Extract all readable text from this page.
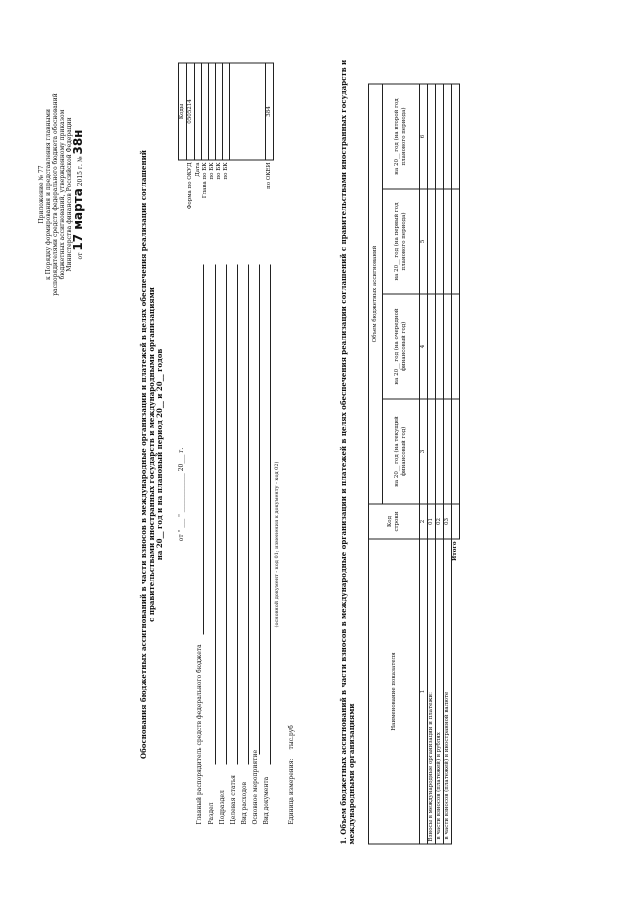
Приложение № 77 к Порядку формирования и представления главными распорядителями средств федерального бюджета обоснований бюджетных ассигнований, утвержденному приказом Министерства финансов Российской Федерации от 17 марта 2015 г. № 38н
Обоснования бюджетных ассигнований в части взносов в международные организации и платежей в целях обеспечения реализации соглашений с правительствами иностранных государств и международными организациями на 20__ год и на плановый период 20__ и 20__ годов от " ___ " _____________ 20___ г.
Главный распорядитель средств федерального бюджета Раздел Подраздел Целевая статья Вид расходов Основное мероприятие Вид документа
(основной документ - код 01; изменения к документу - код 02)
Единица измерения:
тыс.руб
	Коды
Форма по ОКУД	0505214
Дата	
Глава по БК	
по БК	
по БК	
по БК	

по ОКЕИ	384	1. Объем бюджетных ассигнований в части взносов в международные организации и платежей в целях обеспечения реализации соглашений с правительствами иностранных государств и международными организациями
Наименование показателя	Код строки	Объем бюджетных ассигнований			
		на 20__ год (на текущий финансовый год)	на 20__ год (на очередной финансовый год)	на 20__ год (на первый год планового периода)	на 20__ год (на второй год планового периода)
1	2	3	4	5	6
Взносы в международные организации и платежи:	01				
в части взносов (платежей) в рублях	02				
в части взносов (платежей) в иностранной валюте	03				
Итого					
